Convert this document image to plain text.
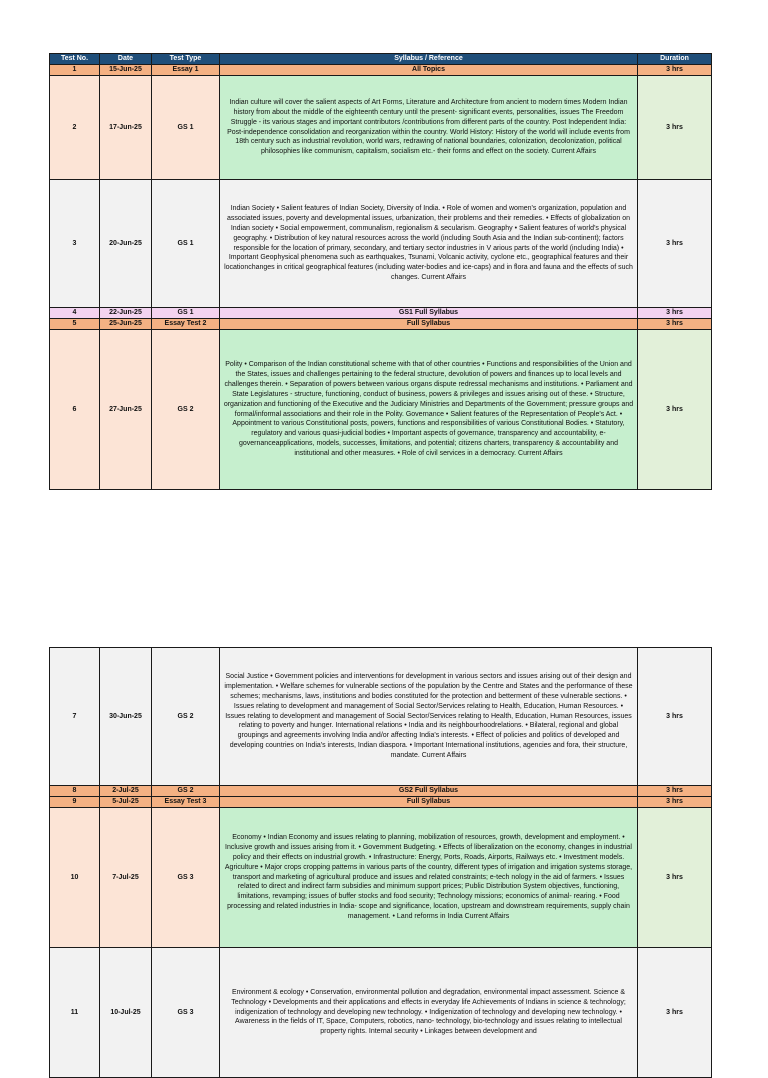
Test No.	Date	Test Type	Syllabus / Reference	Duration
1	15-Jun-25	Essay 1	All Topics	3 hrs
2	17-Jun-25	GS 1	Indian culture will cover the salient aspects of Art Forms, Literature and Architecture from ancient to modern times Modern Indian history from about the middle of the eighteenth century until the present- significant events, personalities, issues The Freedom Struggle - its various stages and important contributors /contributions from different parts of the country. Post Independent India: Post-independence consolidation and reorganization within the country. World History: History of the world will include events from 18th century such as industrial revolution, world wars, redrawing of national boundaries, colonization, decolonization, political philosophies like communism, capitalism, socialism etc.- their forms and effect on the society. Current Affairs	3 hrs
3	20-Jun-25	GS 1	Indian Society • Salient features of Indian Society, Diversity of India. • Role of women and women's organization, population and associated issues, poverty and developmental issues, urbanization, their problems and their remedies. • Effects of globalization on Indian society • Social empowerment, communalism, regionalism & secularism. Geography • Salient features of world's physical geography. • Distribution of key natural resources across the world (including South Asia and the Indian sub-continent); factors responsible for the location of primary, secondary, and tertiary sector industries in V arious parts of the world (including India) • Important Geophysical phenomena such as earthquakes, Tsunami, Volcanic activity, cyclone etc., geographical features and their locationchanges in critical geographical features (including water-bodies and ice-caps) and in flora and fauna and the effects of such changes. Current Affairs	3 hrs
4	22-Jun-25	GS 1	GS1 Full Syllabus	3 hrs
5	25-Jun-25	Essay Test 2	Full Syllabus	3 hrs
6	27-Jun-25	GS 2	Polity • Comparison of the Indian constitutional scheme with that of other countries • Functions and responsibilities of the Union and the States, issues and challenges pertaining to the federal structure, devolution of powers and finances up to local levels and challenges therein. • Separation of powers between various organs dispute redressal mechanisms and institutions. • Parliament and State Legislatures - structure, functioning, conduct of business, powers & privileges and issues arising out of these. • Structure, organization and functioning of the Executive and the Judiciary Ministries and Departments of the Government; pressure groups and formal/informal associations and their role in the Polity. Governance • Salient features of the Representation of People's Act. • Appointment to various Constitutional posts, powers, functions and responsibilities of various Constitutional Bodies. • Statutory, regulatory and various quasi-judicial bodies • Important aspects of governance, transparency and accountability, e-governanceapplications, models, successes, limitations, and potential; citizens charters, transparency & accountability and institutional and other measures. • Role of civil services in a democracy. Current Affairs	3 hrs
7	30-Jun-25	GS 2	Social Justice • Government policies and interventions for development in various sectors and issues arising out of their design and implementation. • Welfare schemes for vulnerable sections of the population by the Centre and States and the performance of these schemes; mechanisms, laws, institutions and bodies constituted for the protection and betterment of these vulnerable sections. • Issues relating to development and management of Social Sector/Services relating to Health, Education, Human Resources. • Issues relating to development and management of Social Sector/Services relating to Health, Education, Human Resources, issues relating to poverty and hunger. International relations • India and its neighbourhoodrelations. • Bilateral, regional and global groupings and agreements involving India and/or affecting India's interests. • Effect of policies and politics of developed and developing countries on India's interests, Indian diaspora. • Important International institutions, agencies and fora, their structure, mandate. Current Affairs	3 hrs
8	2-Jul-25	GS 2	GS2 Full Syllabus	3 hrs
9	5-Jul-25	Essay Test 3	Full Syllabus	3 hrs
10	7-Jul-25	GS 3	Economy • Indian Economy and issues relating to planning, mobilization of resources, growth, development and employment. • Inclusive growth and issues arising from it. • Government Budgeting. • Effects of liberalization on the economy, changes in industrial policy and their effects on industrial growth. • Infrastructure: Energy, Ports, Roads, Airports, Railways etc. • Investment models. Agriculture • Major crops cropping patterns in various parts of the country, different types of irrigation and irrigation systems storage, transport and marketing of agricultural produce and issues and related constraints; e-tech nology in the aid of farmers. • Issues related to direct and indirect farm subsidies and minimum support prices; Public Distribution System objectives, functioning, limitations, revamping; issues of buffer stocks and food security; Technology missions; economics of animal- rearing. • Food processing and related industries in India- scope and significance, location, upstream and downstream requirements, supply chain management. • Land reforms in India Current Affairs	3 hrs
11	10-Jul-25	GS 3	Environment & ecology • Conservation, environmental pollution and degradation, environmental impact assessment. Science & Technology • Developments and their applications and effects in everyday life Achievements of Indians in science & technology; indigenization of technology and developing new technology. • Indigenization of technology and developing new technology. • Awareness in the fields of IT, Space, Computers, robotics, nano- technology, bio-technology and issues relating to intellectual property rights. Internal security • Linkages between development and	3 hrs
